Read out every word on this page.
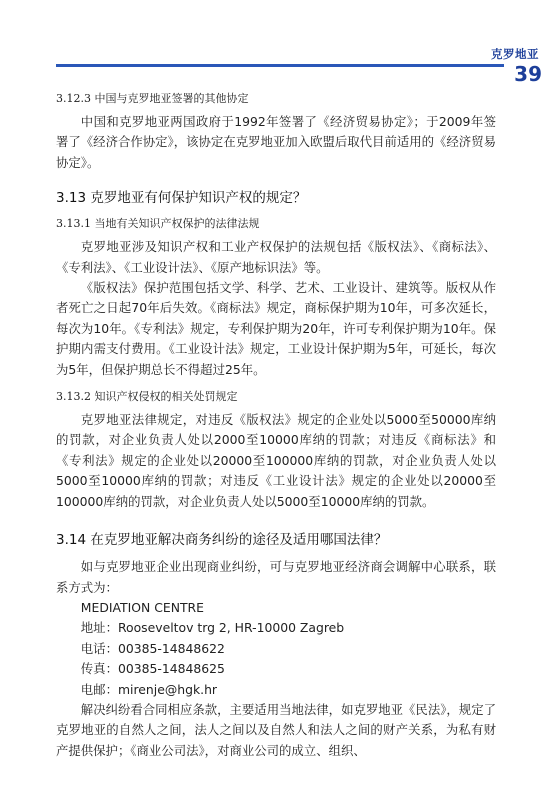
克罗地亚
39
3.12.3 中国与克罗地亚签署的其他协定

中国和克罗地亚两国政府于1992年签署了《经济贸易协定》；于2009年签署了《经济合作协定》，该协定在克罗地亚加入欧盟后取代目前适用的《经济贸易协定》。

3.13 克罗地亚有何保护知识产权的规定？
3.13.1 当地有关知识产权保护的法律法规

克罗地亚涉及知识产权和工业产权保护的法规包括《版权法》、《商标法》、《专利法》、《工业设计法》、《原产地标识法》等。

《版权法》保护范围包括文学、科学、艺术、工业设计、建筑等。版权从作者死亡之日起70年后失效。《商标法》规定，商标保护期为10年，可多次延长，每次为10年。《专利法》规定，专利保护期为20年，许可专利保护期为10年。保护期内需支付费用。《工业设计法》规定，工业设计保护期为5年，可延长，每次为5年，但保护期总长不得超过25年。

3.13.2 知识产权侵权的相关处罚规定

克罗地亚法律规定，对违反《版权法》规定的企业处以5000至50000库纳的罚款，对企业负责人处以2000至10000库纳的罚款；对违反《商标法》和《专利法》规定的企业处以20000至100000库纳的罚款，对企业负责人处以5000至10000库纳的罚款；对违反《工业设计法》规定的企业处以20000至100000库纳的罚款，对企业负责人处以5000至10000库纳的罚款。

3.14 在克罗地亚解决商务纠纷的途径及适用哪国法律？

如与克罗地亚企业出现商业纠纷，可与克罗地亚经济商会调解中心联系，联系方式为：

MEDIATION CENTRE
地址：Rooseveltov trg 2, HR-10000 Zagreb
电话：00385-14848622
传真：00385-14848625
电邮：mirenje@hgk.hr

解决纠纷看合同相应条款，主要适用当地法律，如克罗地亚《民法》，规定了克罗地亚的自然人之间，法人之间以及自然人和法人之间的财产关系，为私有财产提供保护；《商业公司法》，对商业公司的成立、组织、
